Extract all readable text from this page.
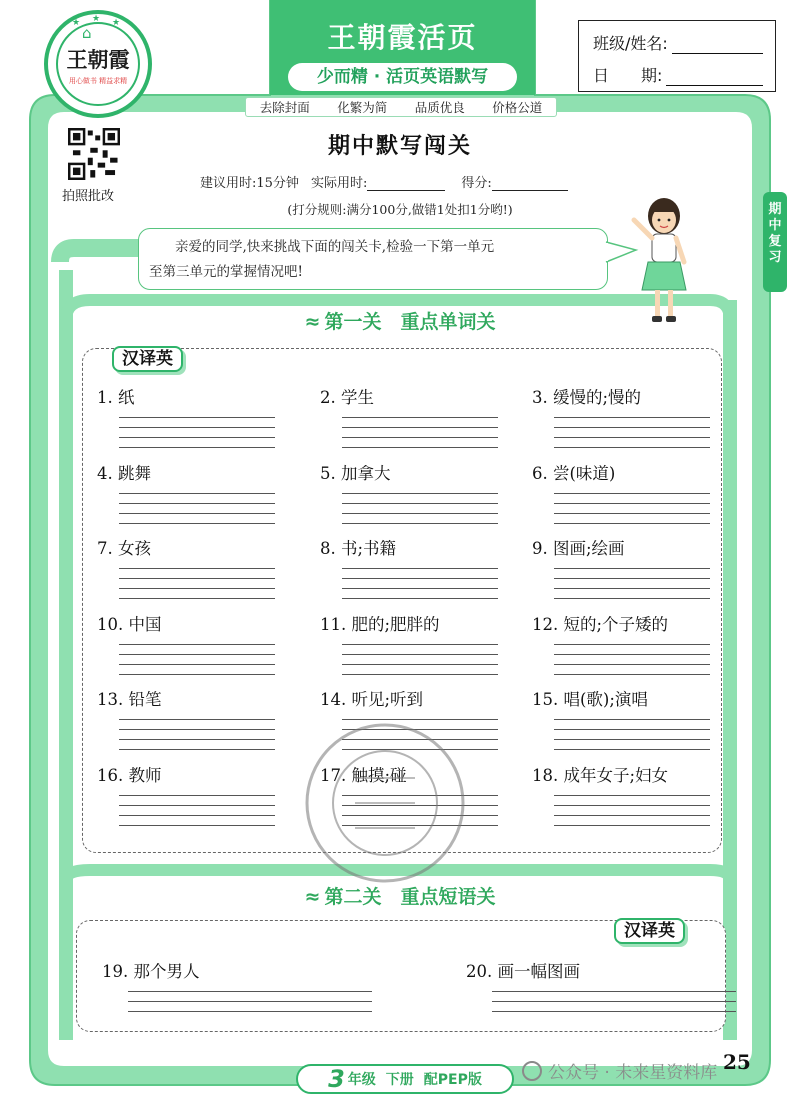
★ ★ ★
⌂
王朝霞
用心做书 精益求精
王朝霞活页
少而精 · 活页英语默写
去除封面 化繁为简 品质优良 价格公道
班级/姓名:
日　　期:
期中复习
拍照批改
期中默写闯关
建议用时:15分钟 实际用时:	得分:
(打分规则:满分100分,做错1处扣1分哟!)
亲爱的同学,快来挑战下面的闯关卡,检验一下第一单元
至第三单元的掌握情况吧!
≈ 第一关　重点单词关
汉译英
1. 纸	2. 学生	3. 缓慢的;慢的
4. 跳舞	5. 加拿大	6. 尝(味道)
7. 女孩	8. 书;书籍	9. 图画;绘画
10. 中国	11. 肥的;肥胖的	12. 短的;个子矮的
13. 铅笔	14. 听见;听到	15. 唱(歌);演唱
16. 教师	17. 触摸;碰	18. 成年女子;妇女
≈ 第二关　重点短语关
汉译英
19. 那个男人	20. 画一幅图画
3 年级 下册 配PEP版	公众号 · 未来星资料库 25
